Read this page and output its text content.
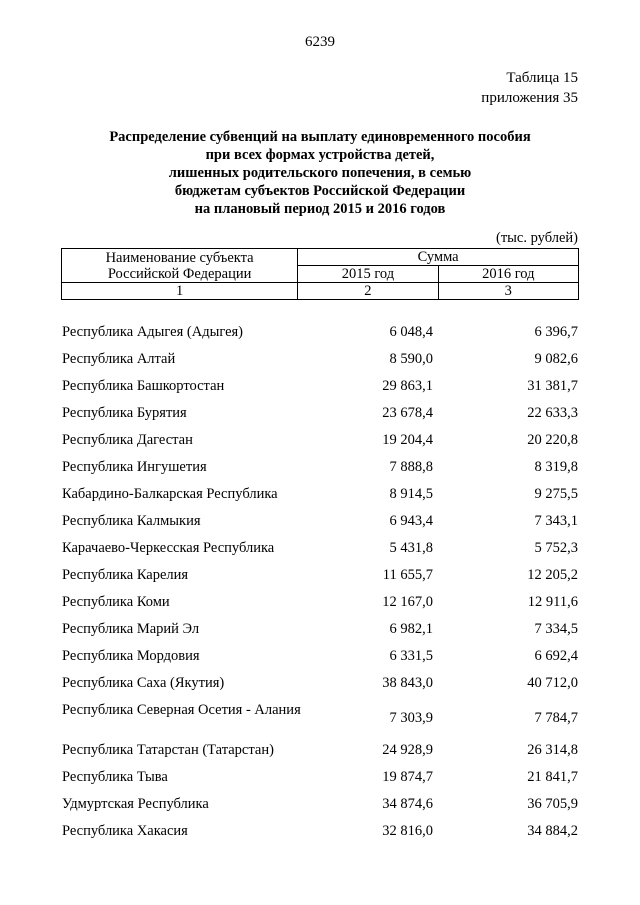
6239
Таблица 15
приложения 35
Распределение субвенций на выплату единовременного пособия
при всех формах устройства детей,
лишенных родительского попечения, в семью
бюджетам субъектов Российской Федерации
на плановый период 2015 и 2016 годов
(тыс. рублей)
Наименование субъекта
Российской Федерации	Сумма	
	2015 год	2016 год
1	2	3
Республика Адыгея (Адыгея)	6 048,4	6 396,7
Республика Алтай	8 590,0	9 082,6
Республика Башкортостан	29 863,1	31 381,7
Республика Бурятия	23 678,4	22 633,3
Республика Дагестан	19 204,4	20 220,8
Республика Ингушетия	7 888,8	8 319,8
Кабардино-Балкарская Республика	8 914,5	9 275,5
Республика Калмыкия	6 943,4	7 343,1
Карачаево-Черкесская Республика	5 431,8	5 752,3
Республика Карелия	11 655,7	12 205,2
Республика Коми	12 167,0	12 911,6
Республика Марий Эл	6 982,1	7 334,5
Республика Мордовия	6 331,5	6 692,4
Республика Саха (Якутия)	38 843,0	40 712,0
Республика Северная Осетия - Алания	7 303,9	7 784,7
Республика Татарстан (Татарстан)	24 928,9	26 314,8
Республика Тыва	19 874,7	21 841,7
Удмуртская Республика	34 874,6	36 705,9
Республика Хакасия	32 816,0	34 884,2
